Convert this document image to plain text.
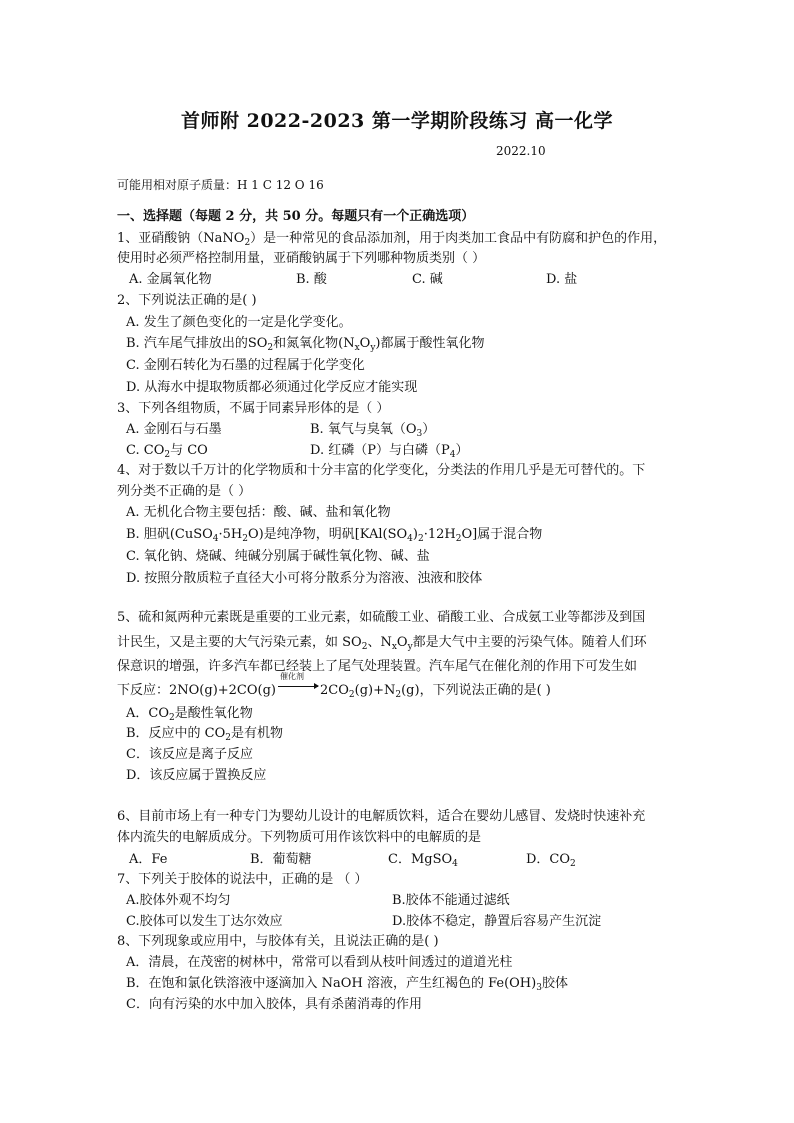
首师附 2022-2023 第一学期阶段练习 高一化学
2022.10
可能用相对原子质量：H 1 C 12 O 16
一、选择题（每题 2 分，共 50 分。每题只有一个正确选项）
1、亚硝酸钠（NaNO$_2$）是一种常见的食品添加剂，用于肉类加工食品中有防腐和护色的作用，
使用时必须严格控制用量，亚硝酸钠属于下列哪种物质类别（ ）
A. 金属氧化物	B. 酸	C. 碱	D. 盐
2、下列说法正确的是( )
A. 发生了颜色变化的一定是化学变化。
B. 汽车尾气排放出的$SO_2$和氮氧化物$(N_xO_y)$都属于酸性氧化物
C. 金刚石转化为石墨的过程属于化学变化
D. 从海水中提取物质都必须通过化学反应才能实现
3、下列各组物质，不属于同素异形体的是（ ）
A. 金刚石与石墨	B. 氧气与臭氧$(O_3)$
C. $CO_2$与 CO	D. 红磷（P）与白磷$(P_4)$
4、对于数以千万计的化学物质和十分丰富的化学变化，分类法的作用几乎是无可替代的。下
列分类不正确的是（ ）
A. 无机化合物主要包括：酸、碱、盐和氧化物
B. 胆矾$(CuSO_4\cdot 5H_2O)$是纯净物，明矾$[KAl(SO_4)_2\cdot 12H_2O]$属于混合物
C. 氧化钠、烧碱、纯碱分别属于碱性氧化物、碱、盐
D. 按照分散质粒子直径大小可将分散系分为溶液、浊液和胶体
5、硫和氮两种元素既是重要的工业元素，如硫酸工业、硝酸工业、合成氨工业等都涉及到国
计民生，又是主要的大气污染元素，如 $SO_2$、$N_xO_y$都是大气中主要的污染气体。随着人们环
保意识的增强，许多汽车都已经装上了尾气处理装置。汽车尾气在催化剂的作用下可发生如
下反应：2NO(g)+2CO(g)
催化剂
$2CO_2(g)+N_2(g)$，下列说法正确的是( )
A．$CO_2$是酸性氧化物
B．反应中的 $CO_2$是有机物
C．该反应是离子反应
D．该反应属于置换反应
6、目前市场上有一种专门为婴幼儿设计的电解质饮料，适合在婴幼儿感冒、发烧时快速补充
体内流失的电解质成分。下列物质可用作该饮料中的电解质的是
A．Fe	B．葡萄糖	C．MgSO$_4$	D．$CO_2$
7、下列关于胶体的说法中，正确的是 （ ）
A.胶体外观不均匀	B.胶体不能通过滤纸
C.胶体可以发生丁达尔效应	D.胶体不稳定，静置后容易产生沉淀
8、下列现象或应用中，与胶体有关，且说法正确的是( )
A．清晨，在茂密的树林中，常常可以看到从枝叶间透过的道道光柱
B．在饱和氯化铁溶液中逐滴加入 NaOH 溶液，产生红褐色的 $Fe(OH)_3$胶体
C．向有污染的水中加入胶体，具有杀菌消毒的作用
